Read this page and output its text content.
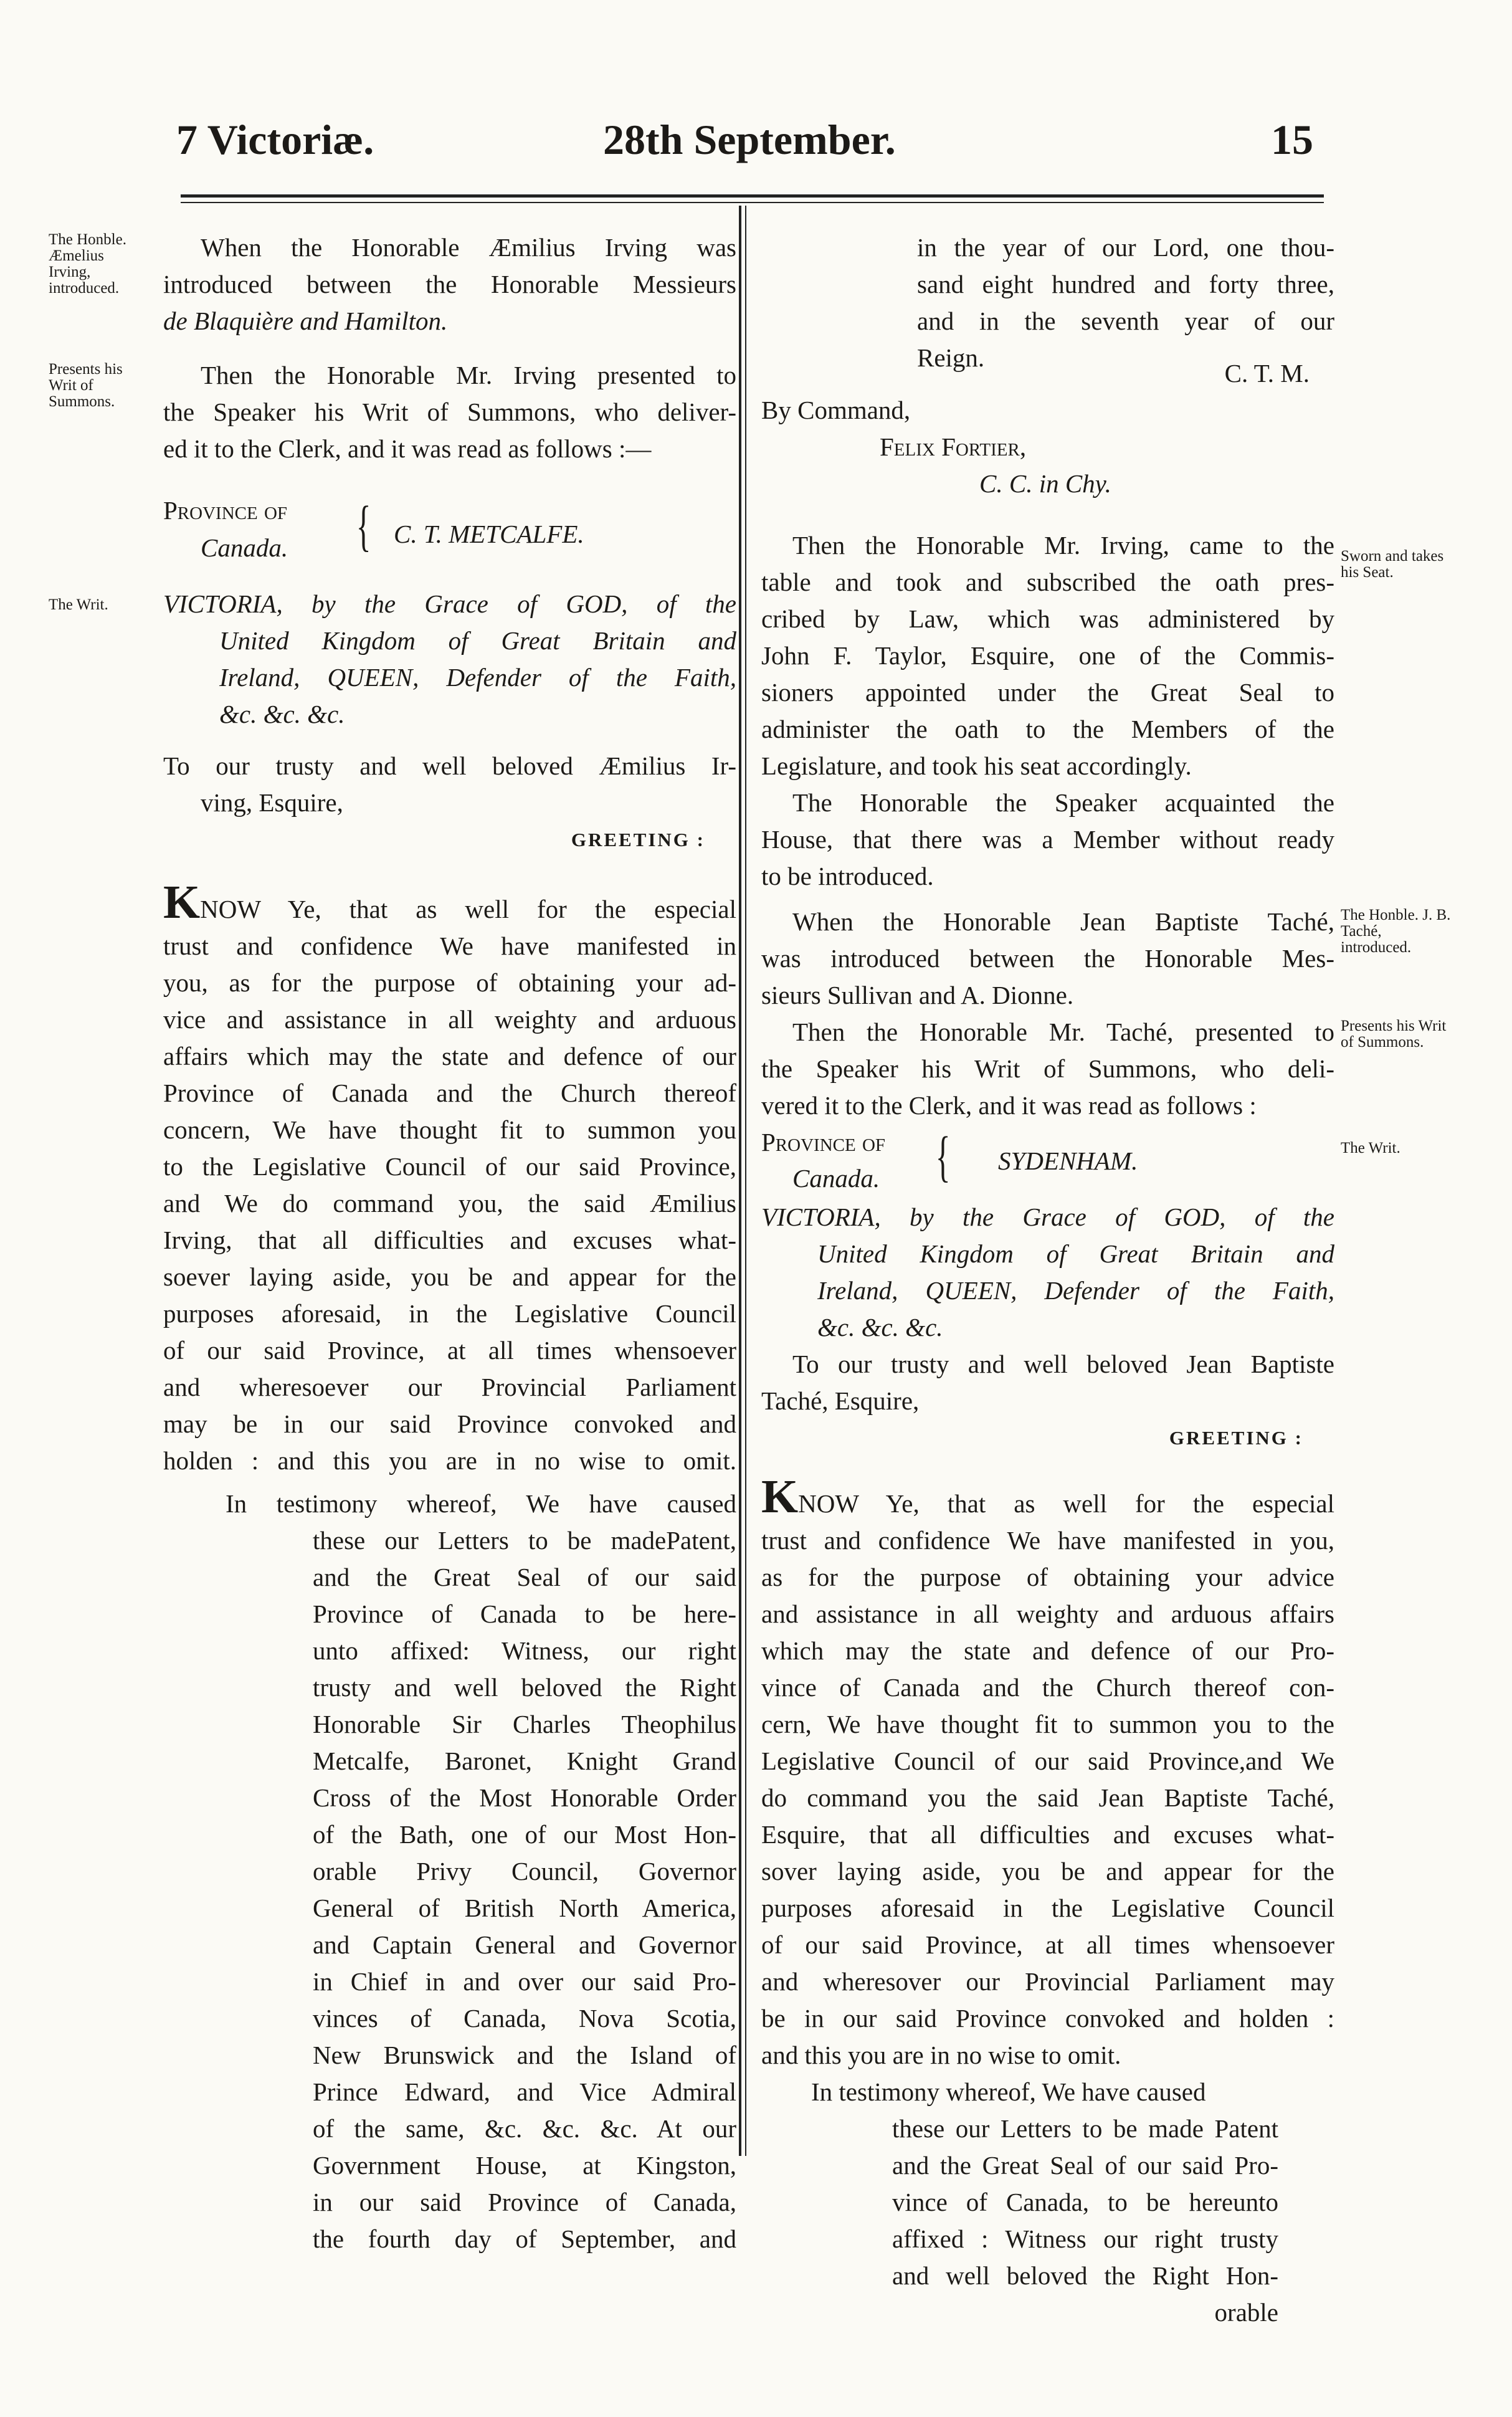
7 Victoriæ.	28th September.	15
The Honble. Æmelius Irving, introduced.
Presents his Writ of Summons.
The Writ.
Sworn and takes his Seat.
The Honble. J. B. Taché, introduced.
Presents his Writ of Summons.
The Writ.
When the Honorable Æmilius Irving was
introduced between the Honorable Messieurs
de Blaquière and Hamilton.
Then the Honorable Mr. Irving presented to
the Speaker his Writ of Summons, who deliver-
ed it to the Clerk, and it was read as follows :—
Province of
Canada. { C. T. METCALFE.
VICTORIA, by the Grace of GOD, of the
United Kingdom of Great Britain and
Ireland, QUEEN, Defender of the Faith,
&c. &c. &c.
To our trusty and well beloved Æmilius Ir-
ving, Esquire,
GREETING :
KNOW Ye, that as well for the especial
trust and confidence We have manifested in
you, as for the purpose of obtaining your ad-
vice and assistance in all weighty and arduous
affairs which may the state and defence of our
Province of Canada and the Church thereof
concern, We have thought fit to summon you
to the Legislative Council of our said Province,
and We do command you, the said Æmilius
Irving, that all difficulties and excuses what-
soever laying aside, you be and appear for the
purposes aforesaid, in the Legislative Council
of our said Province, at all times whensoever
and wheresoever our Provincial Parliament
may be in our said Province convoked and
holden : and this you are in no wise to omit.
In testimony whereof, We have caused
these our Letters to be madePatent,
and the Great Seal of our said
Province of Canada to be here-
unto affixed: Witness, our right
trusty and well beloved the Right
Honorable Sir Charles Theophilus
Metcalfe, Baronet, Knight Grand
Cross of the Most Honorable Order
of the Bath, one of our Most Hon-
orable Privy Council, Governor
General of British North America,
and Captain General and Governor
in Chief in and over our said Pro-
vinces of Canada, Nova Scotia,
New Brunswick and the Island of
Prince Edward, and Vice Admiral
of the same, &c. &c. &c. At our
Government House, at Kingston,
in our said Province of Canada,
the fourth day of September, and
in the year of our Lord, one thou-
sand eight hundred and forty three,
and in the seventh year of our
Reign.
C. T. M.
By Command,
Felix Fortier,
C. C. in Chy.
Then the Honorable Mr. Irving, came to the
table and took and subscribed the oath pres-
cribed by Law, which was administered by
John F. Taylor, Esquire, one of the Commis-
sioners appointed under the Great Seal to
administer the oath to the Members of the
Legislature, and took his seat accordingly.
The Honorable the Speaker acquainted the
House, that there was a Member without ready
to be introduced.
When the Honorable Jean Baptiste Taché,
was introduced between the Honorable Mes-
sieurs Sullivan and A. Dionne.
Then the Honorable Mr. Taché, presented to
the Speaker his Writ of Summons, who deli-
vered it to the Clerk, and it was read as follows :
Province of
Canada. { SYDENHAM.
VICTORIA, by the Grace of GOD, of the
United Kingdom of Great Britain and
Ireland, QUEEN, Defender of the Faith,
&c. &c. &c.
To our trusty and well beloved Jean Baptiste
Taché, Esquire,
GREETING :
KNOW Ye, that as well for the especial
trust and confidence We have manifested in you,
as for the purpose of obtaining your advice
and assistance in all weighty and arduous affairs
which may the state and defence of our Pro-
vince of Canada and the Church thereof con-
cern, We have thought fit to summon you to the
Legislative Council of our said Province,and We
do command you the said Jean Baptiste Taché,
Esquire, that all difficulties and excuses what-
sover laying aside, you be and appear for the
purposes aforesaid in the Legislative Council
of our said Province, at all times whensoever
and wheresover our Provincial Parliament may
be in our said Province convoked and holden :
and this you are in no wise to omit.
In testimony whereof, We have caused
these our Letters to be made Patent
and the Great Seal of our said Pro-
vince of Canada, to be hereunto
affixed : Witness our right trusty
and well beloved the Right Hon-
orable
